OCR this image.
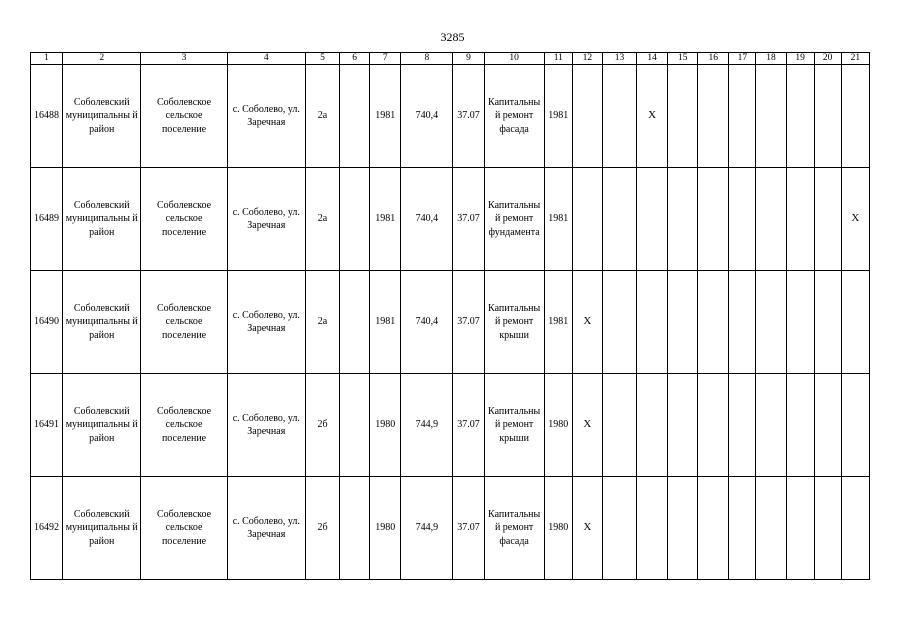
3285
1	2	3	4	5	6	7	8	9	10	11	12	13	14	15	16	17	18	19	20	21

16488	Соболевский муниципальны й район	Соболевское сельское поселение	с. Соболево, ул. Заречная	2а		1981	740,4	37.07	Капитальны й ремонт фасада	1981			X							

16489	Соболевский муниципальны й район	Соболевское сельское поселение	с. Соболево, ул. Заречная	2а		1981	740,4	37.07	Капитальны й ремонт фундамента	1981										X

16490	Соболевский муниципальны й район	Соболевское сельское поселение	с. Соболево, ул. Заречная	2а		1981	740,4	37.07	Капитальны й ремонт крыши	1981	X									

16491	Соболевский муниципальны й район	Соболевское сельское поселение	с. Соболево, ул. Заречная	2б		1980	744,9	37.07	Капитальны й ремонт крыши	1980	X									

16492	Соболевский муниципальны й район	Соболевское сельское поселение	с. Соболево, ул. Заречная	2б		1980	744,9	37.07	Капитальны й ремонт фасада	1980	X									
